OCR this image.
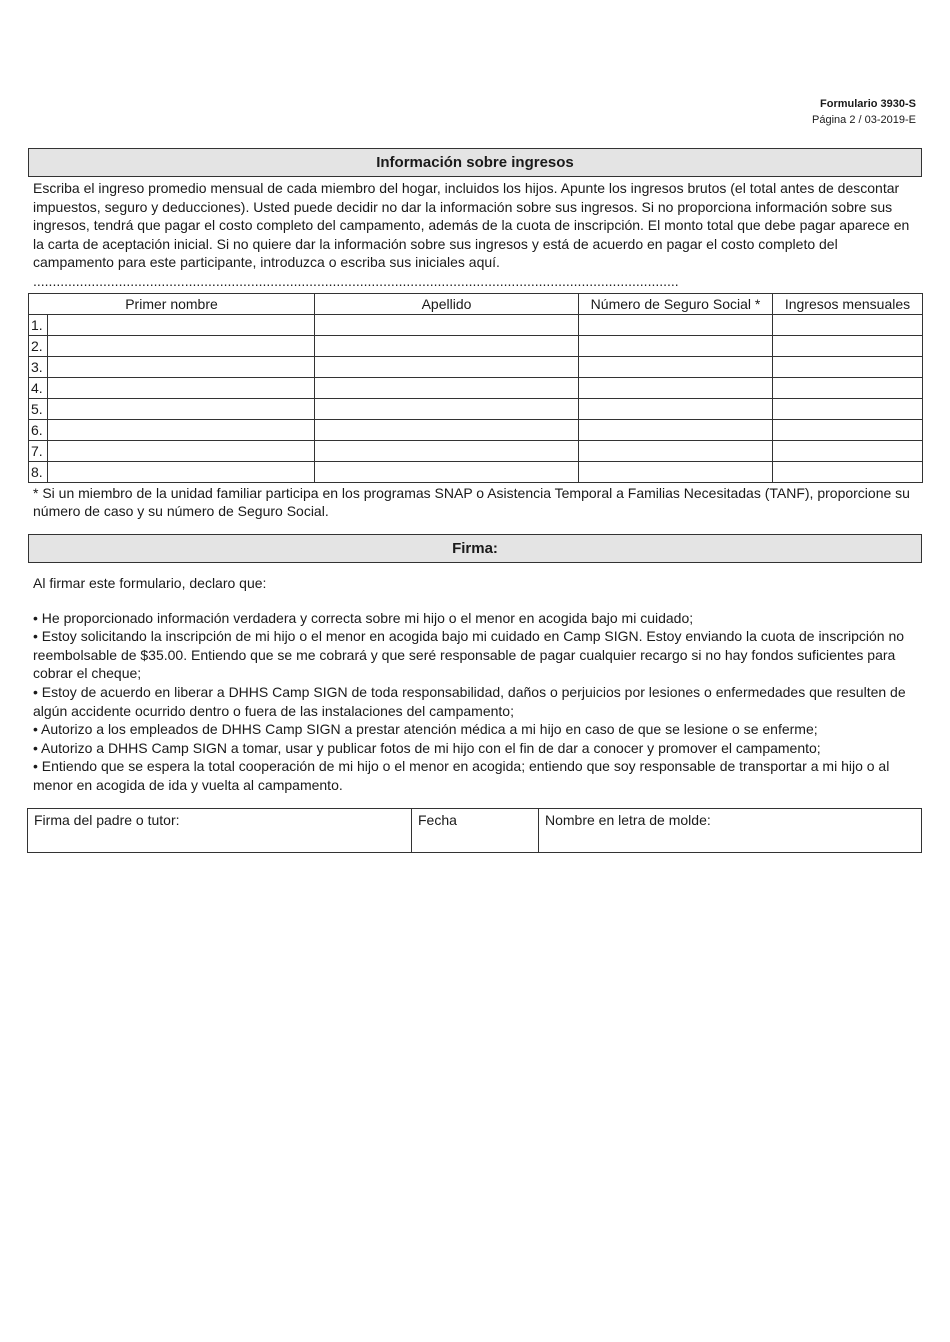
Formulario 3930-S
Página 2 / 03-2019-E
Información sobre ingresos
Escriba el ingreso promedio mensual de cada miembro del hogar, incluidos los hijos. Apunte los ingresos brutos (el total antes de descontar impuestos, seguro y deducciones). Usted puede decidir no dar la información sobre sus ingresos. Si no proporciona información sobre sus ingresos, tendrá que pagar el costo completo del campamento, además de la cuota de inscripción. El monto total que debe pagar aparece en la carta de aceptación inicial. Si no quiere dar la información sobre sus ingresos y está de acuerdo en pagar el costo completo del campamento para este participante, introduzca o escriba sus iniciales aquí. ......................................................................................................................................................................
Primer nombre		Apellido	Número de Seguro Social *	Ingresos mensuales
1.				
2.				
3.				
4.				
5.				
6.				
7.				
8.				
* Si un miembro de la unidad familiar participa en los programas SNAP o Asistencia Temporal a Familias Necesitadas (TANF), proporcione su número de caso y su número de Seguro Social.
Firma:

Al firmar este formulario, declaro que:

• He proporcionado información verdadera y correcta sobre mi hijo o el menor en acogida bajo mi cuidado;

• Estoy solicitando la inscripción de mi hijo o el menor en acogida bajo mi cuidado en Camp SIGN. Estoy enviando la cuota de inscripción no reembolsable de $35.00. Entiendo que se me cobrará y que seré responsable de pagar cualquier recargo si no hay fondos suficientes para cobrar el cheque;

• Estoy de acuerdo en liberar a DHHS Camp SIGN de toda responsabilidad, daños o perjuicios por lesiones o enfermedades que resulten de algún accidente ocurrido dentro o fuera de las instalaciones del campamento;

• Autorizo a los empleados de DHHS Camp SIGN a prestar atención médica a mi hijo en caso de que se lesione o se enferme;

• Autorizo a DHHS Camp SIGN a tomar, usar y publicar fotos de mi hijo con el fin de dar a conocer y promover el campamento;

• Entiendo que se espera la total cooperación de mi hijo o el menor en acogida; entiendo que soy responsable de transportar a mi hijo o al menor en acogida de ida y vuelta al campamento.

Firma del padre o tutor:	Fecha	Nombre en letra de molde:
